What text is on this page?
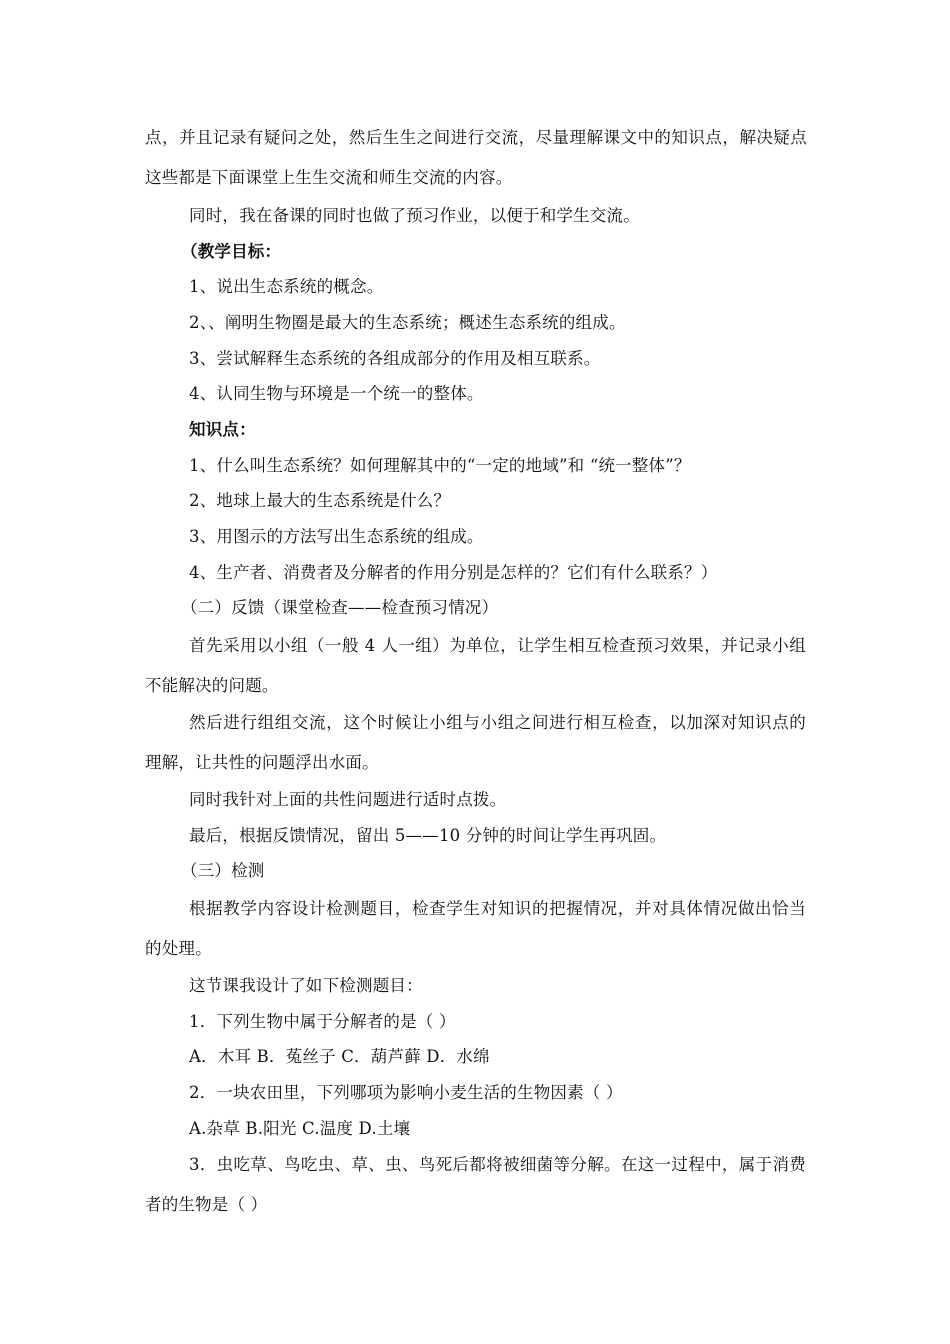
点，并且记录有疑问之处，然后生生之间进行交流，尽量理解课文中的知识点，解决疑点
这些都是下面课堂上生生交流和师生交流的内容。
同时，我在备课的同时也做了预习作业，以便于和学生交流。
（教学目标：
1、说出生态系统的概念。
2、、阐明生物圈是最大的生态系统；概述生态系统的组成。
3、尝试解释生态系统的各组成部分的作用及相互联系。
4、认同生物与环境是一个统一的整体。
知识点：
1、什么叫生态系统？如何理解其中的“一定的地域”和 “统一整体”？
2、地球上最大的生态系统是什么？
3、用图示的方法写出生态系统的组成。
4、生产者、消费者及分解者的作用分别是怎样的？它们有什么联系？）
（二）反馈（课堂检查——检查预习情况）
首先采用以小组（一般 4 人一组）为单位，让学生相互检查预习效果，并记录小组
不能解决的问题。
然后进行组组交流，这个时候让小组与小组之间进行相互检查，以加深对知识点的
理解，让共性的问题浮出水面。
同时我针对上面的共性问题进行适时点拨。
最后，根据反馈情况，留出 5——10 分钟的时间让学生再巩固。
（三）检测
根据教学内容设计检测题目，检查学生对知识的把握情况，并对具体情况做出恰当
的处理。
这节课我设计了如下检测题目：
1．下列生物中属于分解者的是（ ）
A．木耳 B．菟丝子 C．葫芦藓 D．水绵
2．一块农田里，下列哪项为影响小麦生活的生物因素（ ）
A.杂草 B.阳光 C.温度 D.土壤
3．虫吃草、鸟吃虫、草、虫、鸟死后都将被细菌等分解。在这一过程中，属于消费
者的生物是（ ）
